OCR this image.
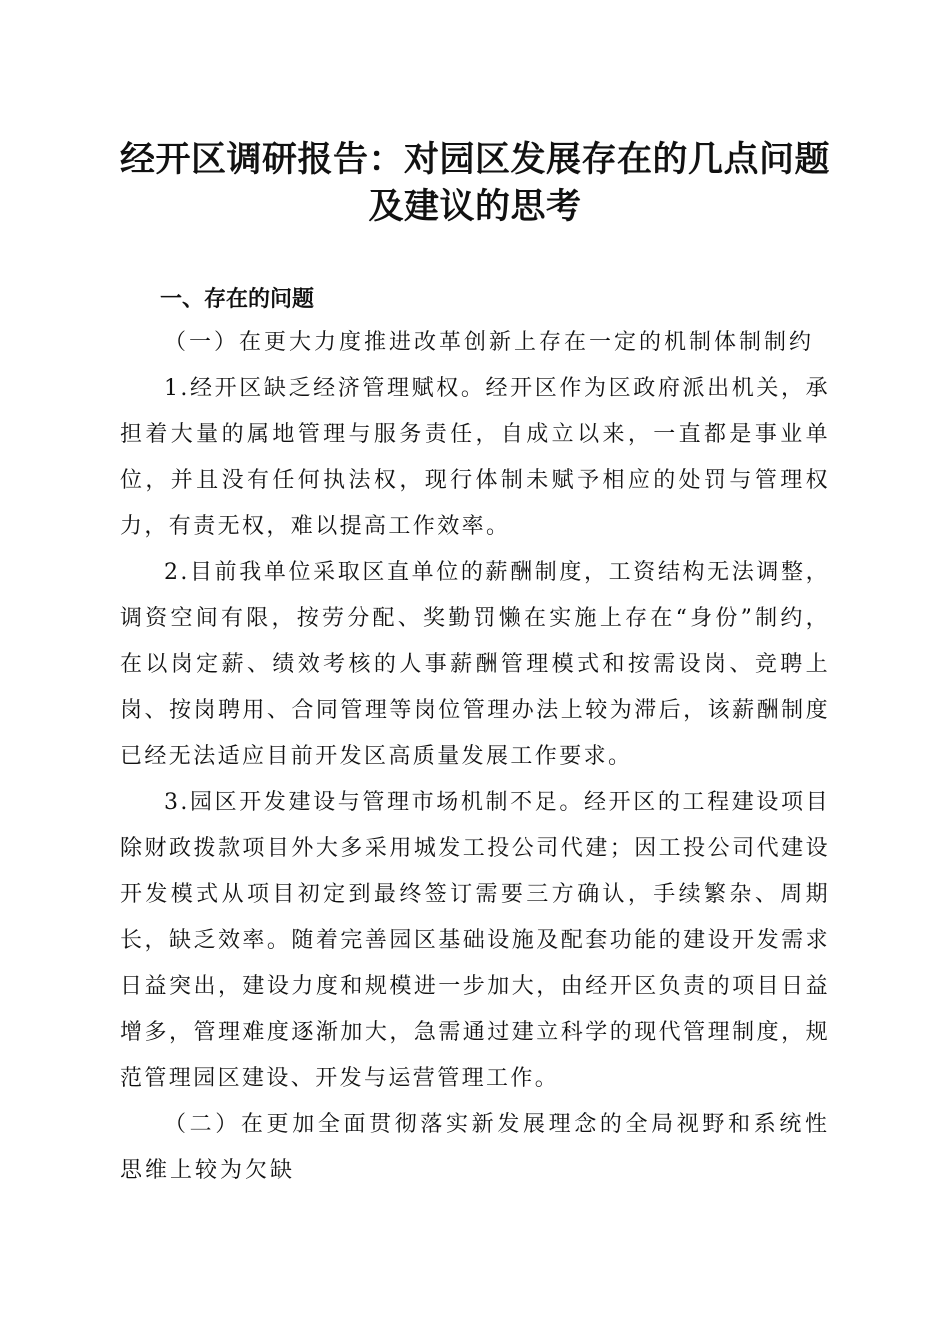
经开区调研报告：对园区发展存在的几点问题
及建议的思考

一、存在的问题

（一）在更大力度推进改革创新上存在一定的机制体制制约

1.经开区缺乏经济管理赋权。经开区作为区政府派出机关，承担着大量的属地管理与服务责任，自成立以来，一直都是事业单位，并且没有任何执法权，现行体制未赋予相应的处罚与管理权力，有责无权，难以提高工作效率。

2.目前我单位采取区直单位的薪酬制度，工资结构无法调整，调资空间有限，按劳分配、奖勤罚懒在实施上存在“身份”制约，在以岗定薪、绩效考核的人事薪酬管理模式和按需设岗、竞聘上岗、按岗聘用、合同管理等岗位管理办法上较为滞后，该薪酬制度已经无法适应目前开发区高质量发展工作要求。

3.园区开发建设与管理市场机制不足。经开区的工程建设项目除财政拨款项目外大多采用城发工投公司代建；因工投公司代建设开发模式从项目初定到最终签订需要三方确认，手续繁杂、周期长，缺乏效率。随着完善园区基础设施及配套功能的建设开发需求日益突出，建设力度和规模进一步加大，由经开区负责的项目日益增多，管理难度逐渐加大，急需通过建立科学的现代管理制度，规范管理园区建设、开发与运营管理工作。

（二）在更加全面贯彻落实新发展理念的全局视野和系统性思维上较为欠缺
